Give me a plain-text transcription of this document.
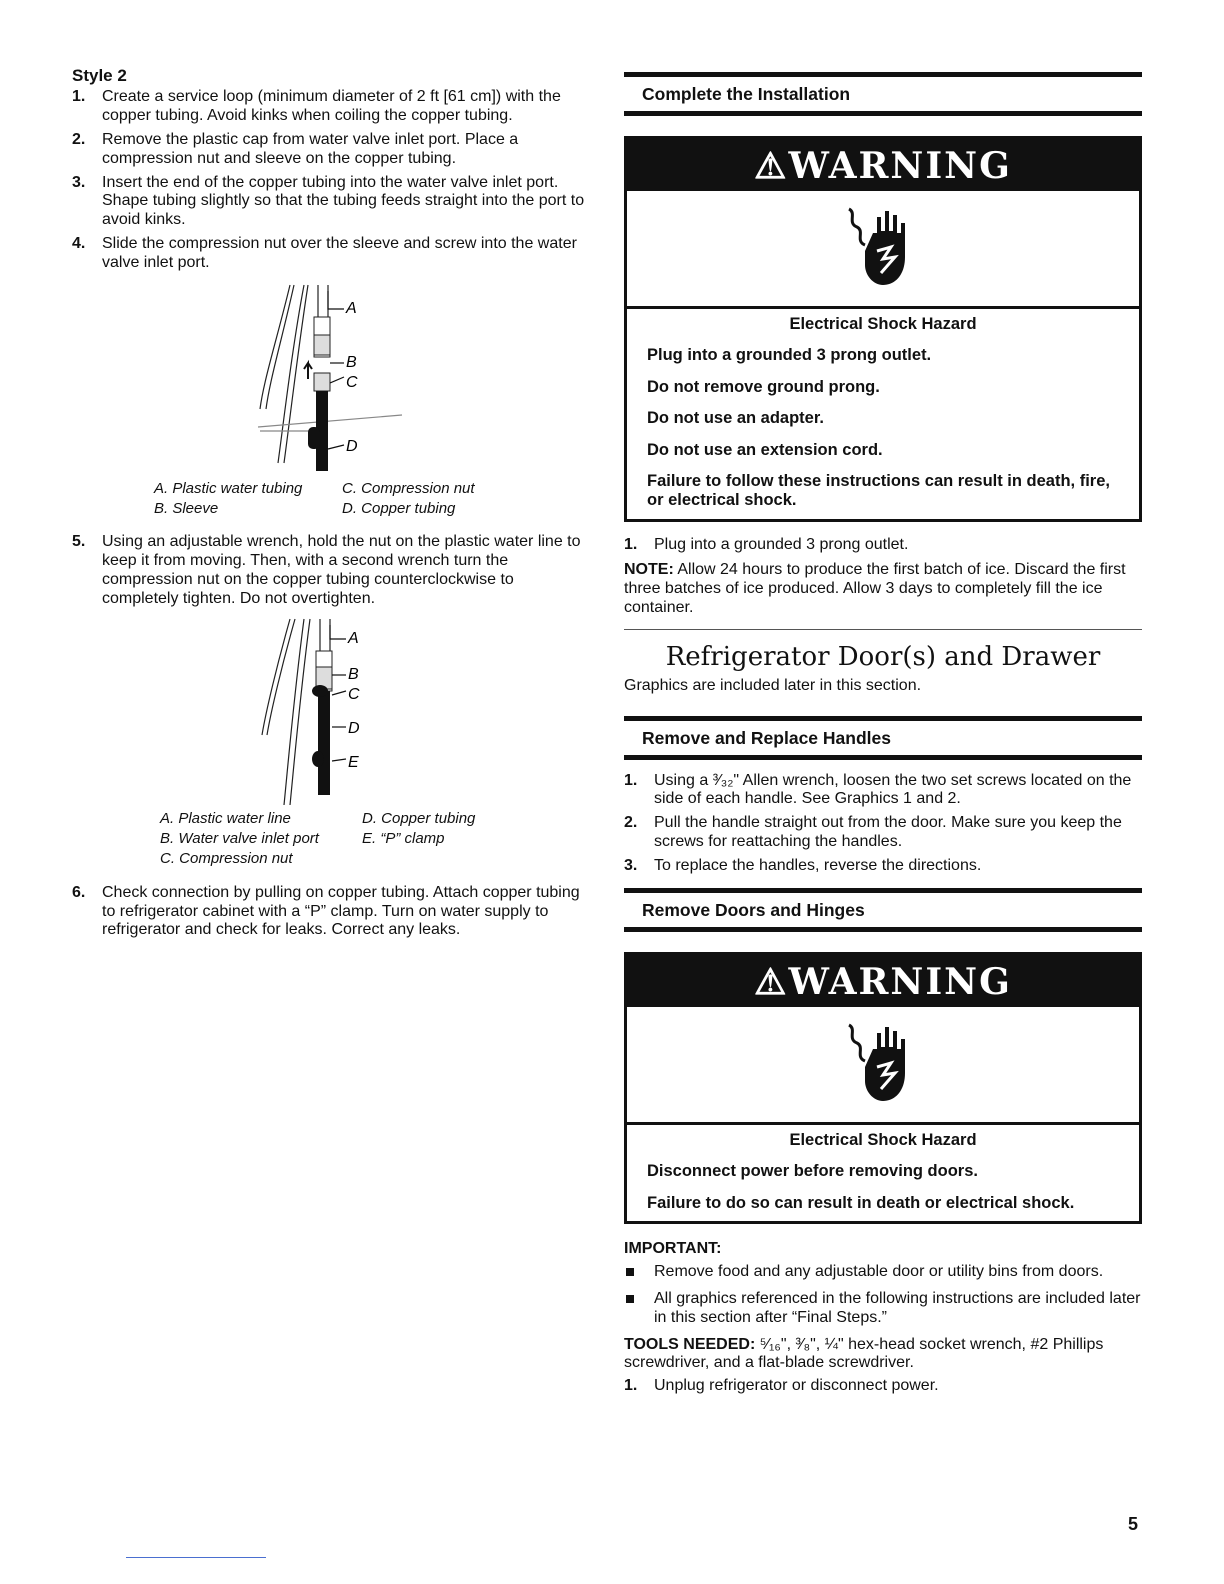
Style 2
1. Create a service loop (minimum diameter of 2 ft [61 cm]) with the copper tubing. Avoid kinks when coiling the copper tubing.
2. Remove the plastic cap from water valve inlet port. Place a compression nut and sleeve on the copper tubing.
3. Insert the end of the copper tubing into the water valve inlet port. Shape tubing slightly so that the tubing feeds straight into the port to avoid kinks.
4. Slide the compression nut over the sleeve and screw into the water valve inlet port.
A
B
C
D
A. Plastic water tubing	C. Compression nut
B. Sleeve	D. Copper tubing
5. Using an adjustable wrench, hold the nut on the plastic water line to keep it from moving. Then, with a second wrench turn the compression nut on the copper tubing counterclockwise to completely tighten. Do not overtighten.
A
B
C
D
E
A. Plastic water line	D. Copper tubing
B. Water valve inlet port	E. “P” clamp
C. Compression nut
6. Check connection by pulling on copper tubing. Attach copper tubing to refrigerator cabinet with a “P” clamp. Turn on water supply to refrigerator and check for leaks. Correct any leaks.
Complete the Installation
⚠WARNING
Electrical Shock Hazard

Plug into a grounded 3 prong outlet.

Do not remove ground prong.

Do not use an adapter.

Do not use an extension cord.

Failure to follow these instructions can result in death, fire, or electrical shock.

1. Plug into a grounded 3 prong outlet.

NOTE: Allow 24 hours to produce the first batch of ice. Discard the first three batches of ice produced. Allow 3 days to completely fill the ice container.

Refrigerator Door(s) and Drawer
Graphics are included later in this section.
Remove and Replace Handles
1. Using a ³⁄₃₂" Allen wrench, loosen the two set screws located on the side of each handle. See Graphics 1 and 2.
2. Pull the handle straight out from the door. Make sure you keep the screws for reattaching the handles.
3. To replace the handles, reverse the directions.
Remove Doors and Hinges
⚠WARNING
Electrical Shock Hazard

Disconnect power before removing doors.

Failure to do so can result in death or electrical shock.

IMPORTANT:
Remove food and any adjustable door or utility bins from doors.
All graphics referenced in the following instructions are included later in this section after “Final Steps.”

TOOLS NEEDED: ⁵⁄₁₆", ³⁄₈", ¼" hex-head socket wrench, #2 Phillips screwdriver, and a flat-blade screwdriver.

1. Unplug refrigerator or disconnect power.
5
